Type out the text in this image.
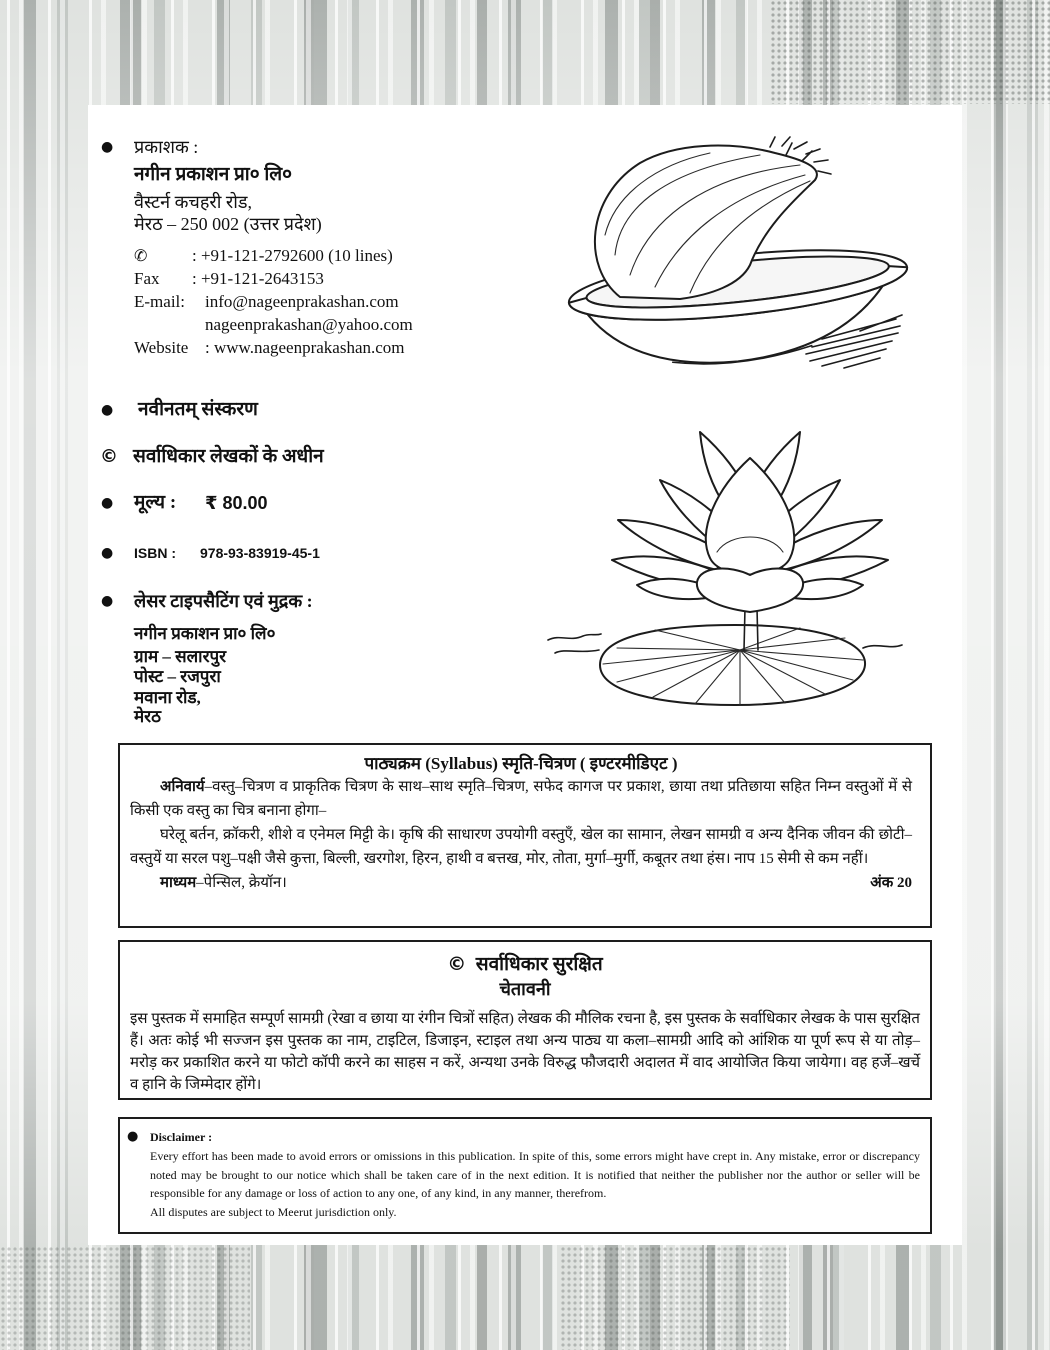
●
प्रकाशक :
नगीन प्रकाशन प्रा० लि०
वैस्टर्न कचहरी रोड,
मेरठ – 250 002 (उत्तर प्रदेश)
✆	: +91-121-2792600 (10 lines)
Fax	: +91-121-2643153
E-mail:	info@nageenprakashan.com
nageenprakashan@yahoo.com
Website : www.nageenprakashan.com
●
नवीनतम् संस्करण
© सर्वाधिकार लेखकों के अधीन
●
मूल्य : ₹ 80.00
●
ISBN : 978-93-83919-45-1
●
लेसर टाइपसैटिंग एवं मुद्रक :
नगीन प्रकाशन प्रा० लि०
ग्राम – सलारपुर
पोस्ट – रजपुरा
मवाना रोड,
मेरठ
पाठ्यक्रम (Syllabus) स्मृति-चित्रण ( इण्टरमीडिएट )

अनिवार्य–वस्तु–चित्रण व प्राकृतिक चित्रण के साथ–साथ स्मृति–चित्रण, सफेद कागज पर प्रकाश, छाया तथा प्रतिछाया सहित निम्न वस्तुओं में से किसी एक वस्तु का चित्र बनाना होगा–

घरेलू बर्तन, क्रॉकरी, शीशे व एनेमल मिट्टी के। कृषि की साधारण उपयोगी वस्तुएँ, खेल का सामान, लेखन सामग्री व अन्य दैनिक जीवन की छोटी–वस्तुयें या सरल पशु–पक्षी जैसे कुत्ता, बिल्ली, खरगोश, हिरन, हाथी व बत्तख, मोर, तोता, मुर्गा–मुर्गी, कबूतर तथा हंस। नाप 15 सेमी से कम नहीं।

माध्यम–पेन्सिल, क्रेयॉन।	अंक 20
© सर्वाधिकार सुरक्षित
चेतावनी

इस पुस्तक में समाहित सम्पूर्ण सामग्री (रेखा व छाया या रंगीन चित्रों सहित) लेखक की मौलिक रचना है, इस पुस्तक के सर्वाधिकार लेखक के पास सुरक्षित हैं। अतः कोई भी सज्जन इस पुस्तक का नाम, टाइटिल, डिजाइन, स्टाइल तथा अन्य पाठ्य या कला–सामग्री आदि को आंशिक या पूर्ण रूप से या तोड़–मरोड़ कर प्रकाशित करने या फोटो कॉपी करने का साहस न करें, अन्यथा उनके विरुद्ध फौजदारी अदालत में वाद आयोजित किया जायेगा। वह हर्जे–खर्चे व हानि के जिम्मेदार होंगे।

●
Disclaimer :

Every effort has been made to avoid errors or omissions in this publication. In spite of this, some errors might have crept in. Any mistake, error or discrepancy noted may be brought to our notice which shall be taken care of in the next edition. It is notified that neither the publisher nor the author or seller will be responsible for any damage or loss of action to any one, of any kind, in any manner, therefrom.

All disputes are subject to Meerut jurisdiction only.
